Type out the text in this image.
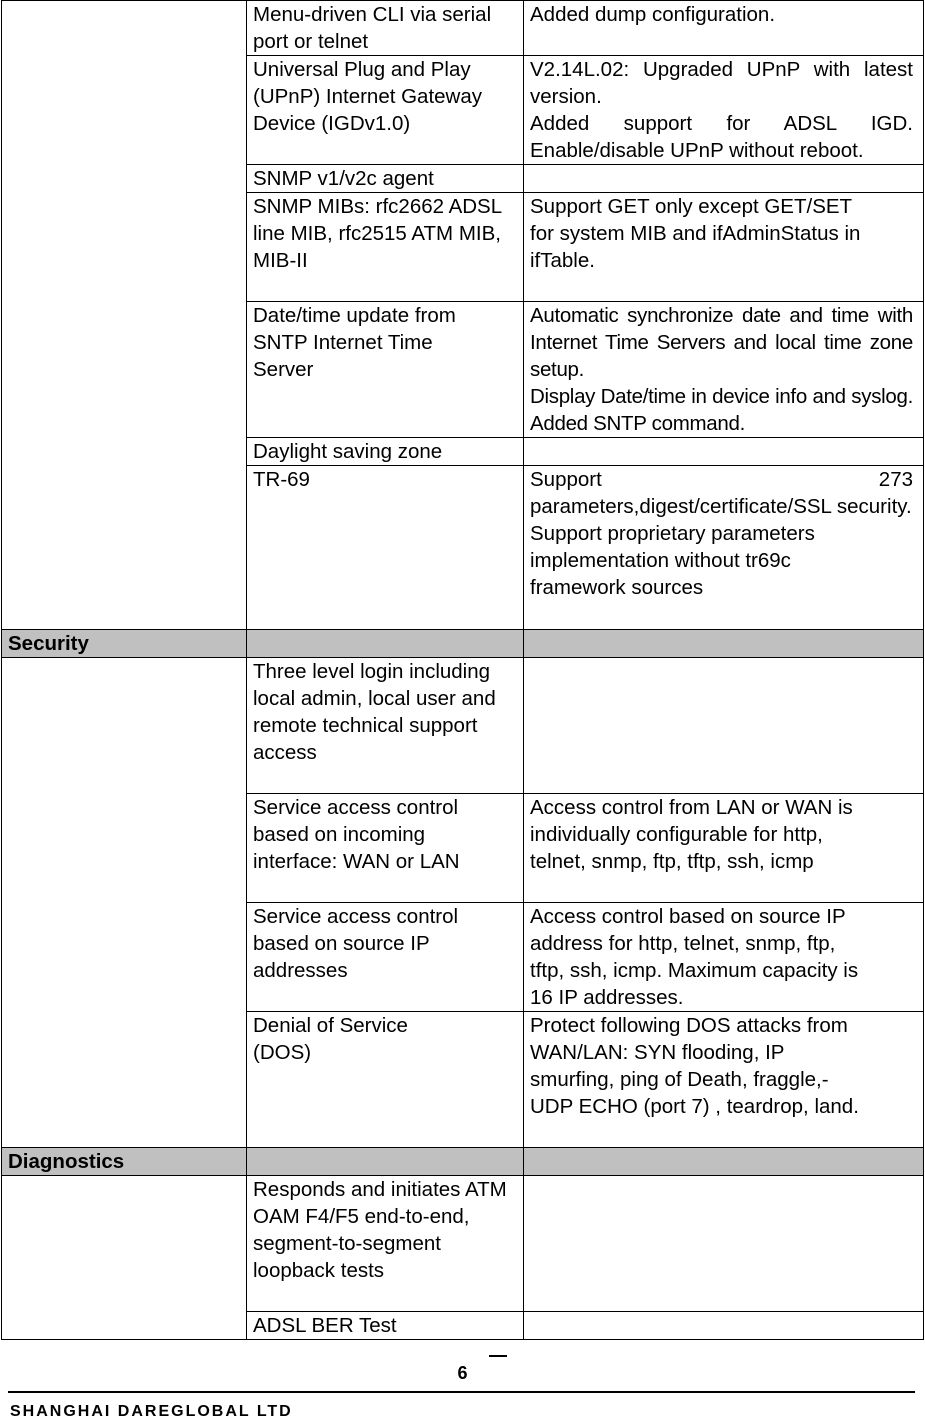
	Menu-driven CLI via serial port or telnet	Added dump configuration.

	Universal Plug and Play (UPnP) Internet Gateway Device (IGDv1.0)	V2.14L.02: Upgraded UPnP with latest version.
Added support for ADSL IGD. Enable/disable UPnP without reboot.

	SNMP v1/v2c agent	
	SNMP MIBs: rfc2662 ADSL line MIB, rfc2515 ATM MIB, MIB-II	Support GET only except GET/SET for system MIB and ifAdminStatus in ifTable.

	Date/time update from SNTP Internet Time Server	Automatic synchronize date and time with Internet Time Servers and local time zone setup.
Display Date/time in device info and syslog. Added SNTP command.

	Daylight saving zone	
	TR-69	Support 273 parameters,digest/certificate/SSL security.
Support proprietary parameters implementation without tr69c framework sources

Security		
	Three level login including local admin, local user and remote technical support access	
	Service access control based on incoming interface: WAN or LAN	Access control from LAN or WAN is individually configurable for http, telnet, snmp, ftp, tftp, ssh, icmp

	Service access control based on source IP addresses	Access control based on source IP address for http, telnet, snmp, ftp, tftp, ssh, icmp. Maximum capacity is 16 IP addresses.

	Denial of Service (DOS)	Protect following DOS attacks from WAN/LAN: SYN flooding, IP smurfing, ping of Death, fraggle,- UDP ECHO (port 7) , teardrop, land.

Diagnostics		
	Responds and initiates ATM OAM F4/F5 end-to-end, segment-to-segment loopback tests	
	ADSL BER Test	
6
SHANGHAI DAREGLOBAL LTD
